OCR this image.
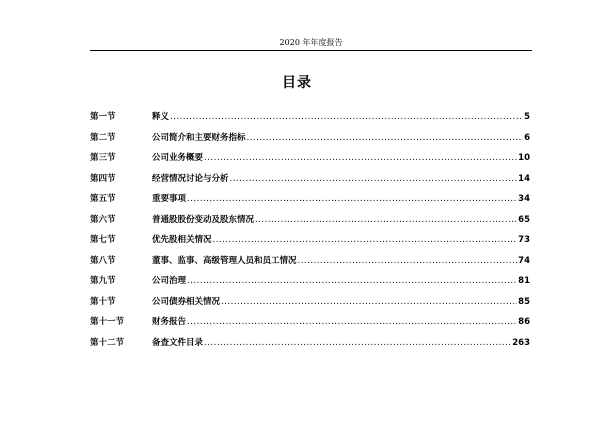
2020 年年度报告
目录
第一节	释义 .....	5
第二节	公司简介和主要财务指标 .....	6
第三节	公司业务概要 .....	10
第四节	经营情况讨论与分析 .....	14
第五节	重要事项 .....	34
第六节	普通股股份变动及股东情况 .....	65
第七节	优先股相关情况 .....	73
第八节	董事、监事、高级管理人员和员工情况 .....	74
第九节	公司治理 .....	81
第十节	公司债券相关情况 .....	85
第十一节	财务报告 .....	86
第十二节	备查文件目录 .....	263
